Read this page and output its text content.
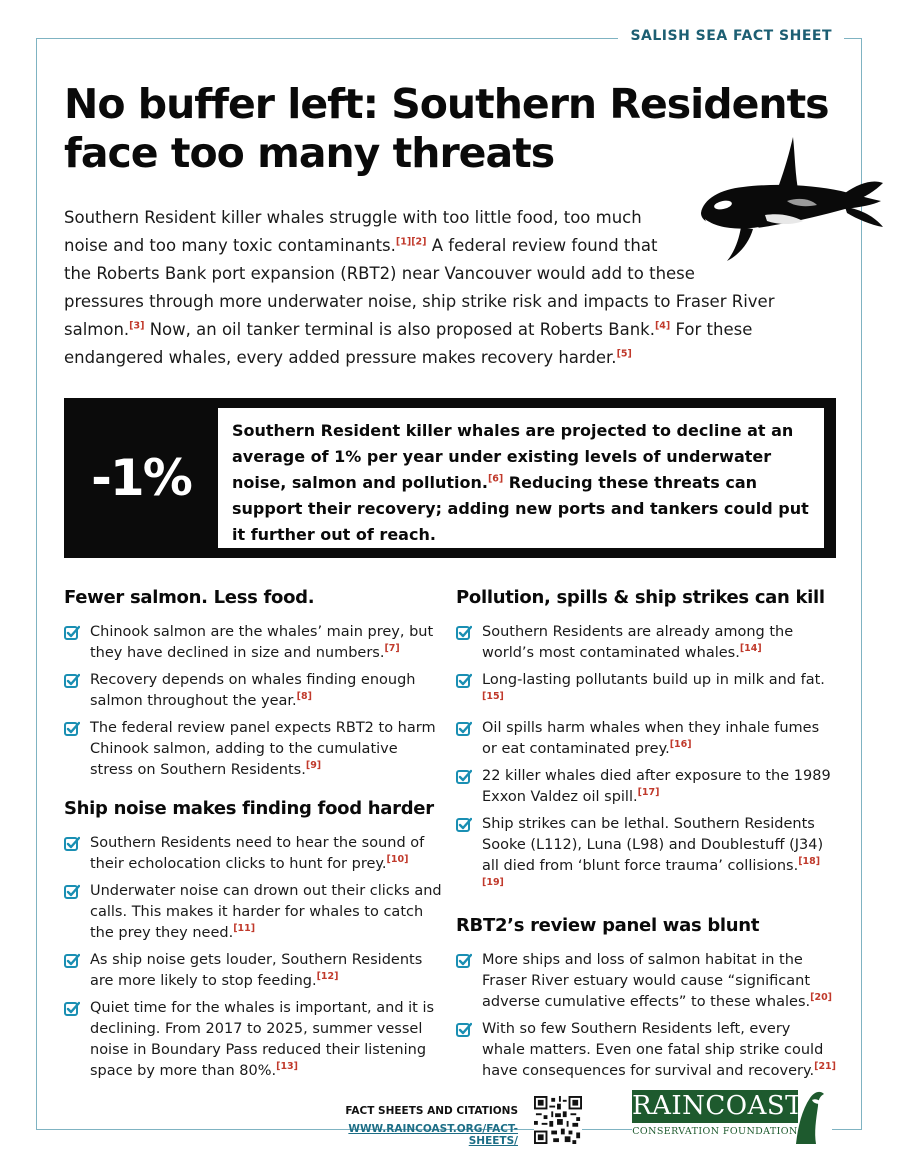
SALISH SEA FACT SHEET
No buffer left: Southern Residents
face too many threats
Southern Resident killer whales struggle with too little food, too much
noise and too many toxic contaminants.[1][2] A federal review found that
the Roberts Bank port expansion (RBT2) near Vancouver would add to these
pressures through more underwater noise, ship strike risk and impacts to Fraser River salmon.[3] Now, an oil tanker terminal is also proposed at Roberts Bank.[4] For these endangered whales, every added pressure makes recovery harder.[5]
-1%
Southern Resident killer whales are projected to decline at an average of 1% per year under existing levels of underwater noise, salmon and pollution.[6] Reducing these threats can support their recovery; adding new ports and tankers could put it further out of reach.
Fewer salmon. Less food.
Chinook salmon are the whales’ main prey, but they have declined in size and numbers.[7]
Recovery depends on whales finding enough salmon throughout the year.[8]
The federal review panel expects RBT2 to harm Chinook salmon, adding to the cumulative stress on Southern Residents.[9]
Ship noise makes finding food harder
Southern Residents need to hear the sound of their echolocation clicks to hunt for prey.[10]
Underwater noise can drown out their clicks and calls. This makes it harder for whales to catch the prey they need.[11]
As ship noise gets louder, Southern Residents are more likely to stop feeding.[12]
Quiet time for the whales is important, and it is declining. From 2017 to 2025, summer vessel noise in Boundary Pass reduced their listening space by more than 80%.[13]
Pollution, spills & ship strikes can kill
Southern Residents are already among the world’s most contaminated whales.[14]
Long-lasting pollutants build up in milk and fat.[15]
Oil spills harm whales when they inhale fumes or eat contaminated prey.[16]
22 killer whales died after exposure to the 1989 Exxon Valdez oil spill.[17]
Ship strikes can be lethal. Southern Residents Sooke (L112), Luna (L98) and Doublestuff (J34) all died from ‘blunt force trauma’ collisions.[18][19]
RBT2’s review panel was blunt
More ships and loss of salmon habitat in the Fraser River estuary would cause “significant adverse cumulative effects” to these whales.[20]
With so few Southern Residents left, every whale matters. Even one fatal ship strike could have consequences for survival and recovery.[21]
FACT SHEETS AND CITATIONS
WWW.RAINCOAST.ORG/FACT- SHEETS/
RAINCOAST
CONSERVATION FOUNDATION
